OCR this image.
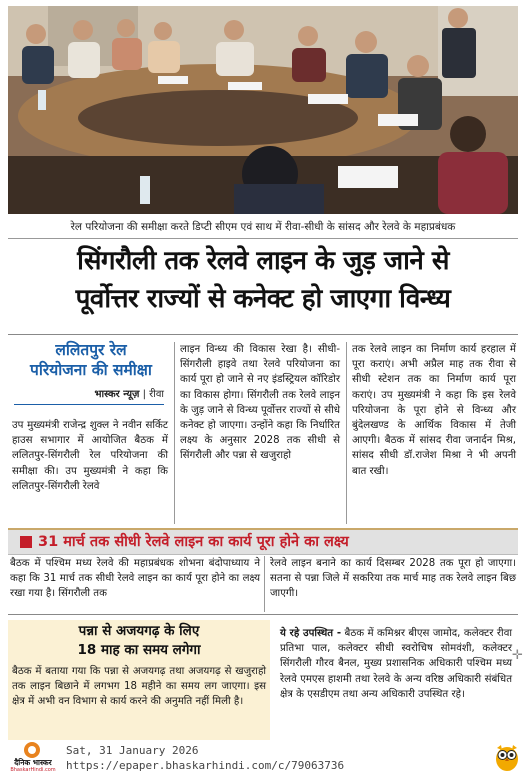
रेल परियोजना की समीक्षा करते डिप्टी सीएम एवं साथ में रीवा-सीधी के सांसद और रेलवे के महाप्रबंधक
सिंगरौली तक रेलवे लाइन के जुड़ जाने से
पूर्वोत्तर राज्यों से कनेक्ट हो जाएगा विन्ध्य
ललितपुर रेल
परियोजना की समीक्षा
भास्कर न्यूज़ | रीवा
उप मुख्यमंत्री राजेन्द्र शुक्ल ने नवीन सर्किट हाउस सभागार में आयोजित बैठक में ललितपुर-सिंगरौली रेल परियोजना की समीक्षा की। उप मुख्यमंत्री ने कहा कि ललितपुर-सिंगरौली रेलवे
लाइन विन्ध्य की विकास रेखा है। सीधी-सिंगरौली हाइवे तथा रेलवे परियोजना का कार्य पूरा हो जाने से नए इंडस्ट्रियल कॉरिडोर का विकास होगा। सिंगरौली तक रेलवे लाइन के जुड़ जाने से विन्ध्य पूर्वोत्तर राज्यों से सीधे कनेक्ट हो जाएगा। उन्होंने कहा कि निर्धारित लक्ष्य के अनुसार 2028 तक सीधी से सिंगरौली और पन्ना से खजुराहो
तक रेलवे लाइन का निर्माण कार्य हरहाल में पूरा कराएं। अभी अप्रैल माह तक रीवा से सीधी स्टेशन तक का निर्माण कार्य पूरा कराएं। उप मुख्यमंत्री ने कहा कि इस रेलवे परियोजना के पूरा होने से विन्ध्य और बुंदेलखण्ड के आर्थिक विकास में तेजी आएगी। बैठक में सांसद रीवा जनार्दन मिश्र, सांसद सीधी डॉ.राजेश मिश्रा ने भी अपनी बात रखी।
31 मार्च तक सीधी रेलवे लाइन का कार्य पूरा होने का लक्ष्य
बैठक में पश्चिम मध्य रेलवे की महाप्रबंधक शोभना बंदोपाध्याय ने कहा कि 31 मार्च तक सीधी रेलवे लाइन का कार्य पूरा होने का लक्ष्य रखा गया है। सिंगरौली तक
रेलवे लाइन बनाने का कार्य दिसम्बर 2028 तक पूरा हो जाएगा। सतना से पन्ना जिले में सकरिया तक मार्च माह तक रेलवे लाइन बिछ जाएगी।
पन्ना से अजयगढ़ के लिए
18 माह का समय लगेगा
बैठक में बताया गया कि पन्ना से अजयगढ़ तथा अजयगढ़ से खजुराहो तक लाइन बिछाने में लगभग 18 महीने का समय लग जाएगा। इस क्षेत्र में अभी वन विभाग से कार्य करने की अनुमति नहीं मिली है।
ये रहे उपस्थित - बैठक में कमिश्नर बीएस जामोद, कलेक्टर रीवा प्रतिभा पाल, कलेक्टर सीधी स्वरोचिष सोमवंशी, कलेक्टर सिंगरौली गौरव बैनल, मुख्य प्रशासनिक अधिकारी पश्चिम मध्य रेलवे एमएस हाशमी तथा रेलवे के अन्य वरिष्ठ अधिकारी संबंधित क्षेत्र के एसडीएम तथा अन्य अधिकारी उपस्थित रहे।
✛
दैनिक भास्कर
BhaskarHindi.com
Sat, 31 January 2026
https://epaper.bhaskarhindi.com/c/79063736
